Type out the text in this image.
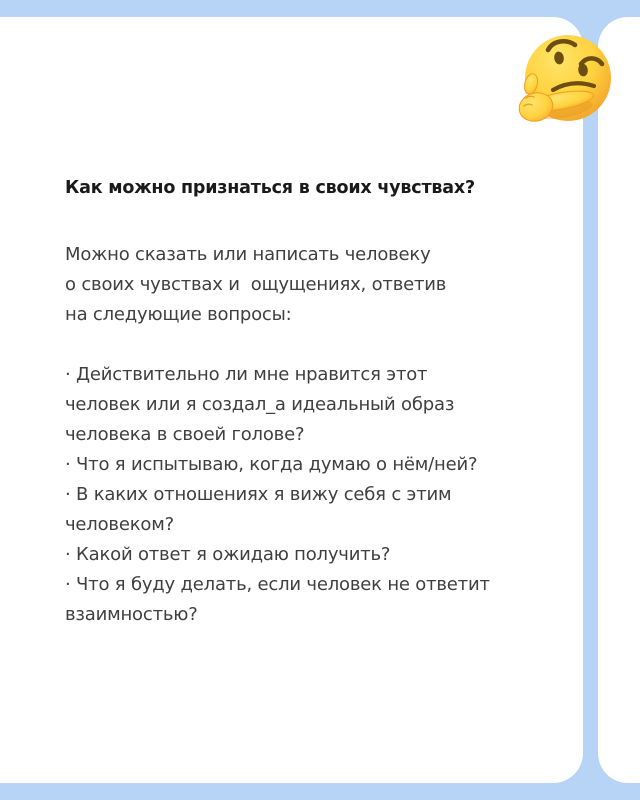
Как можно признаться в своих чувствах?
Можно сказать или написать человеку
о своих чувствах и  ощущениях, ответив
на следующие вопросы:
· Действительно ли мне нравится этот
человек или я создал_а идеальный образ
человека в своей голове?
· Что я испытываю, когда думаю о нём/ней?
· В каких отношениях я вижу себя с этим
человеком?
· Какой ответ я ожидаю получить?
· Что я буду делать, если человек не ответит
взаимностью?
